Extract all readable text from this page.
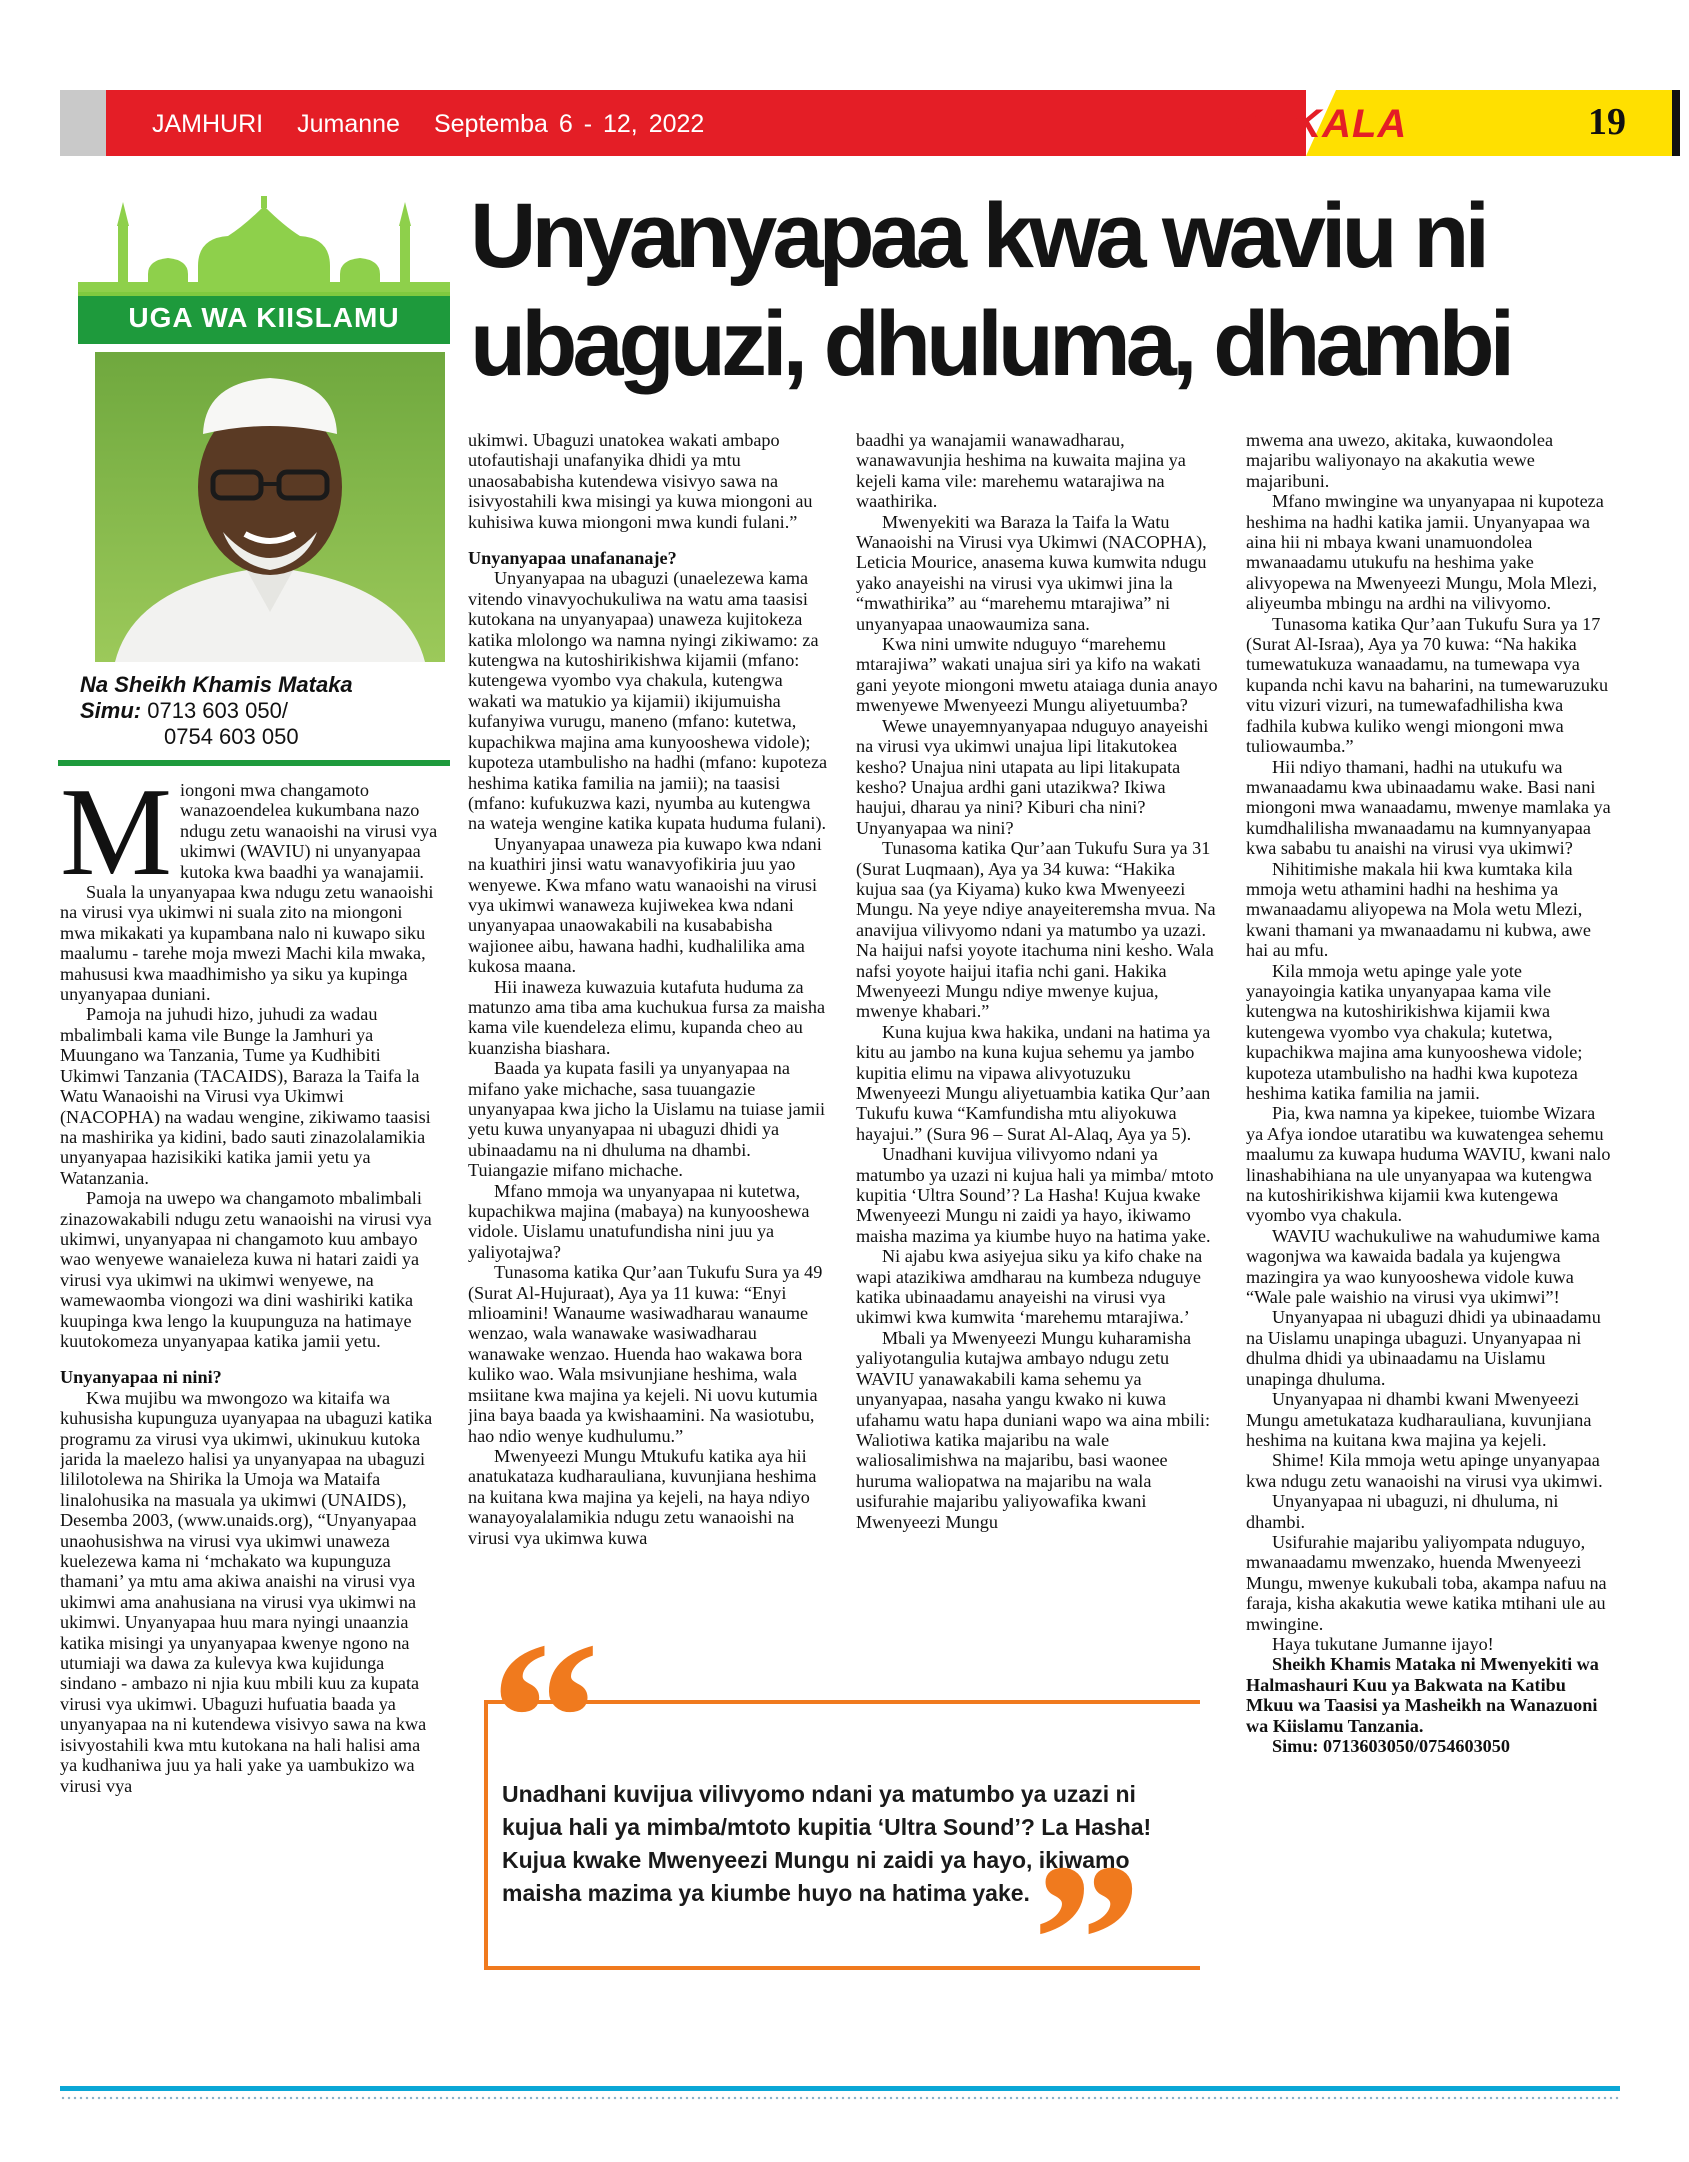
JAMHURI Jumanne Septemba 6 - 12, 2022	MAKALA	19
Unyanyapaa kwa waviu ni
ubaguzi, dhuluma, dhambi
UGA WA KIISLAMU
Na Sheikh Khamis Mataka
Simu: 0713 603 050/
0754 603 050

Miongoni mwa changamoto wanazoendelea kukumbana nazo ndugu zetu wanaoishi na virusi vya ukimwi (WAVIU) ni unyanyapaa kutoka kwa baadhi ya wanajamii.

Suala la unyanyapaa kwa ndugu zetu wanaoishi na virusi vya ukimwi ni suala zito na miongoni mwa mikakati ya kupambana nalo ni kuwapo siku maalumu - tarehe moja mwezi Machi kila mwaka, mahususi kwa maadhimisho ya siku ya kupinga unyanyapaa duniani.

Pamoja na juhudi hizo, juhudi za wadau mbalimbali kama vile Bunge la Jamhuri ya Muungano wa Tanzania, Tume ya Kudhibiti Ukimwi Tanzania (TACAIDS), Baraza la Taifa la Watu Wanaoishi na Virusi vya Ukimwi (NACOPHA) na wadau wengine, zikiwamo taasisi na mashirika ya kidini, bado sauti zinazolalamikia unyanyapaa hazisikiki katika jamii yetu ya Watanzania.

Pamoja na uwepo wa changamoto mbalimbali zinazowakabili ndugu zetu wanaoishi na virusi vya ukimwi, unyanyapaa ni changamoto kuu ambayo wao wenyewe wanaieleza kuwa ni hatari zaidi ya virusi vya ukimwi na ukimwi wenyewe, na wamewaomba viongozi wa dini washiriki katika kuupinga kwa lengo la kuupunguza na hatimaye kuutokomeza unyanyapaa katika jamii yetu.

Unyanyapaa ni nini?

Kwa mujibu wa mwongozo wa kitaifa wa kuhusisha kupunguza uyanyapaa na ubaguzi katika programu za virusi vya ukimwi, ukinukuu kutoka jarida la maelezo halisi ya unyanyapaa na ubaguzi lililotolewa na Shirika la Umoja wa Mataifa linalohusika na masuala ya ukimwi (UNAIDS), Desemba 2003, (www.unaids.org), “Unyanyapaa unaohusishwa na virusi vya ukimwi unaweza kuelezewa kama ni ‘mchakato wa kupunguza thamani’ ya mtu ama akiwa anaishi na virusi vya ukimwi ama anahusiana na virusi vya ukimwi na ukimwi. Unyanyapaa huu mara nyingi unaanzia katika misingi ya unyanyapaa kwenye ngono na utumiaji wa dawa za kulevya kwa kujidunga sindano - ambazo ni njia kuu mbili kuu za kupata virusi vya ukimwi. Ubaguzi hufuatia baada ya unyanyapaa na ni kutendewa visivyo sawa na kwa isivyostahili kwa mtu kutokana na hali halisi ama ya kudhaniwa juu ya hali yake ya uambukizo wa virusi vya

ukimwi. Ubaguzi unatokea wakati ambapo utofautishaji unafanyika dhidi ya mtu unaosababisha kutendewa visivyo sawa na isivyostahili kwa misingi ya kuwa miongoni au kuhisiwa kuwa miongoni mwa kundi fulani.”

Unyanyapaa unafananaje?

Unyanyapaa na ubaguzi (unaelezewa kama vitendo vinavyochukuliwa na watu ama taasisi kutokana na unyanyapaa) unaweza kujitokeza katika mlolongo wa namna nyingi zikiwamo: za kutengwa na kutoshirikishwa kijamii (mfano: kutengewa vyombo vya chakula, kutengwa wakati wa matukio ya kijamii) ikijumuisha kufanyiwa vurugu, maneno (mfano: kutetwa, kupachikwa majina ama kunyooshewa vidole); kupoteza utambulisho na hadhi (mfano: kupoteza heshima katika familia na jamii); na taasisi (mfano: kufukuzwa kazi, nyumba au kutengwa na wateja wengine katika kupata huduma fulani).

Unyanyapaa unaweza pia kuwapo kwa ndani na kuathiri jinsi watu wanavyofikiria juu yao wenyewe. Kwa mfano watu wanaoishi na virusi vya ukimwi wanaweza kujiwekea kwa ndani unyanyapaa unaowakabili na kusababisha wajionee aibu, hawana hadhi, kudhalilika ama kukosa maana.

Hii inaweza kuwazuia kutafuta huduma za matunzo ama tiba ama kuchukua fursa za maisha kama vile kuendeleza elimu, kupanda cheo au kuanzisha biashara.

Baada ya kupata fasili ya unyanyapaa na mifano yake michache, sasa tuuangazie unyanyapaa kwa jicho la Uislamu na tuiase jamii yetu kuwa unyanyapaa ni ubaguzi dhidi ya ubinaadamu na ni dhuluma na dhambi. Tuiangazie mifano michache.

Mfano mmoja wa unyanyapaa ni kutetwa, kupachikwa majina (mabaya) na kunyooshewa vidole. Uislamu unatufundisha nini juu ya yaliyotajwa?

Tunasoma katika Qur’aan Tukufu Sura ya 49 (Surat Al-Hujuraat), Aya ya 11 kuwa: “Enyi mlioamini! Wanaume wasiwadharau wanaume wenzao, wala wanawake wasiwadharau wanawake wenzao. Huenda hao wakawa bora kuliko wao. Wala msivunjiane heshima, wala msiitane kwa majina ya kejeli. Ni uovu kutumia jina baya baada ya kwishaamini. Na wasiotubu, hao ndio wenye kudhulumu.”

Mwenyeezi Mungu Mtukufu katika aya hii anatukataza kudharauliana, kuvunjiana heshima na kuitana kwa majina ya kejeli, na haya ndiyo wanayoyalalamikia ndugu zetu wanaoishi na virusi vya ukimwa kuwa

baadhi ya wanajamii wanawadharau, wanawavunjia heshima na kuwaita majina ya kejeli kama vile: marehemu watarajiwa na waathirika.

Mwenyekiti wa Baraza la Taifa la Watu Wanaoishi na Virusi vya Ukimwi (NACOPHA), Leticia Mourice, anasema kuwa kumwita ndugu yako anayeishi na virusi vya ukimwi jina la “mwathirika” au “marehemu mtarajiwa” ni unyanyapaa unaowaumiza sana.

Kwa nini umwite nduguyo “marehemu mtarajiwa” wakati unajua siri ya kifo na wakati gani yeyote miongoni mwetu ataiaga dunia anayo mwenyewe Mwenyeezi Mungu aliyetuumba?

Wewe unayemnyanyapaa nduguyo anayeishi na virusi vya ukimwi unajua lipi litakutokea kesho? Unajua nini utapata au lipi litakupata kesho? Unajua ardhi gani utazikwa? Ikiwa haujui, dharau ya nini? Kiburi cha nini? Unyanyapaa wa nini?

Tunasoma katika Qur’aan Tukufu Sura ya 31 (Surat Luqmaan), Aya ya 34 kuwa: “Hakika kujua saa (ya Kiyama) kuko kwa Mwenyeezi Mungu. Na yeye ndiye anayeiteremsha mvua. Na anavijua vilivyomo ndani ya matumbo ya uzazi. Na haijui nafsi yoyote itachuma nini kesho. Wala nafsi yoyote haijui itafia nchi gani. Hakika Mwenyeezi Mungu ndiye mwenye kujua, mwenye khabari.”

Kuna kujua kwa hakika, undani na hatima ya kitu au jambo na kuna kujua sehemu ya jambo kupitia elimu na vipawa alivyotuzuku Mwenyeezi Mungu aliyetuambia katika Qur’aan Tukufu kuwa “Kamfundisha mtu aliyokuwa hayajui.” (Sura 96 – Surat Al-Alaq, Aya ya 5).

Unadhani kuvijua vilivyomo ndani ya matumbo ya uzazi ni kujua hali ya mimba/ mtoto kupitia ‘Ultra Sound’? La Hasha! Kujua kwake Mwenyeezi Mungu ni zaidi ya hayo, ikiwamo maisha mazima ya kiumbe huyo na hatima yake.

Ni ajabu kwa asiyejua siku ya kifo chake na wapi atazikiwa amdharau na kumbeza nduguye katika ubinaadamu anayeishi na virusi vya ukimwi kwa kumwita ‘marehemu mtarajiwa.’

Mbali ya Mwenyeezi Mungu kuharamisha yaliyotangulia kutajwa ambayo ndugu zetu WAVIU yanawakabili kama sehemu ya unyanyapaa, nasaha yangu kwako ni kuwa ufahamu watu hapa duniani wapo wa aina mbili: Waliotiwa katika majaribu na wale waliosalimishwa na majaribu, basi waonee huruma waliopatwa na majaribu na wala usifurahie majaribu yaliyowafika kwani Mwenyeezi Mungu

mwema ana uwezo, akitaka, kuwaondolea majaribu waliyonayo na akakutia wewe majaribuni.

Mfano mwingine wa unyanyapaa ni kupoteza heshima na hadhi katika jamii. Unyanyapaa wa aina hii ni mbaya kwani unamuondolea mwanaadamu utukufu na heshima yake alivyopewa na Mwenyeezi Mungu, Mola Mlezi, aliyeumba mbingu na ardhi na vilivyomo.

Tunasoma katika Qur’aan Tukufu Sura ya 17 (Surat Al-Israa), Aya ya 70 kuwa: “Na hakika tumewatukuza wanaadamu, na tumewapa vya kupanda nchi kavu na baharini, na tumewaruzuku vitu vizuri vizuri, na tumewafadhilisha kwa fadhila kubwa kuliko wengi miongoni mwa tuliowaumba.”

Hii ndiyo thamani, hadhi na utukufu wa mwanaadamu kwa ubinaadamu wake. Basi nani miongoni mwa wanaadamu, mwenye mamlaka ya kumdhalilisha mwanaadamu na kumnyanyapaa kwa sababu tu anaishi na virusi vya ukimwi?

Nihitimishe makala hii kwa kumtaka kila mmoja wetu athamini hadhi na heshima ya mwanaadamu aliyopewa na Mola wetu Mlezi, kwani thamani ya mwanaadamu ni kubwa, awe hai au mfu.

Kila mmoja wetu apinge yale yote yanayoingia katika unyanyapaa kama vile kutengwa na kutoshirikishwa kijamii kwa kutengewa vyombo vya chakula; kutetwa, kupachikwa majina ama kunyooshewa vidole; kupoteza utambulisho na hadhi kwa kupoteza heshima katika familia na jamii.

Pia, kwa namna ya kipekee, tuiombe Wizara ya Afya iondoe utaratibu wa kuwatengea sehemu maalumu za kuwapa huduma WAVIU, kwani nalo linashabihiana na ule unyanyapaa wa kutengwa na kutoshirikishwa kijamii kwa kutengewa vyombo vya chakula.

WAVIU wachukuliwe na wahudumiwe kama wagonjwa wa kawaida badala ya kujengwa mazingira ya wao kunyooshewa vidole kuwa “Wale pale waishio na virusi vya ukimwi”!

Unyanyapaa ni ubaguzi dhidi ya ubinaadamu na Uislamu unapinga ubaguzi. Unyanyapaa ni dhulma dhidi ya ubinaadamu na Uislamu unapinga dhuluma.

Unyanyapaa ni dhambi kwani Mwenyeezi Mungu ametukataza kudharauliana, kuvunjiana heshima na kuitana kwa majina ya kejeli.

Shime! Kila mmoja wetu apinge unyanyapaa kwa ndugu zetu wanaoishi na virusi vya ukimwi.

Unyanyapaa ni ubaguzi, ni dhuluma, ni dhambi.

Usifurahie majaribu yaliyompata nduguyo, mwanaadamu mwenzako, huenda Mwenyeezi Mungu, mwenye kukubali toba, akampa nafuu na faraja, kisha akakutia wewe katika mtihani ule au mwingine.

Haya tukutane Jumanne ijayo!

Sheikh Khamis Mataka ni Mwenyekiti wa Halmashauri Kuu ya Bakwata na Katibu Mkuu wa Taasisi ya Masheikh na Wanazuoni wa Kiislamu Tanzania.

Simu: 0713603050/0754603050

“
Unadhani kuvijua vilivyomo ndani ya matumbo ya uzazi ni kujua hali ya mimba/mtoto kupitia ‘Ultra Sound’? La Hasha! Kujua kwake Mwenyeezi Mungu ni zaidi ya hayo, ikiwamo maisha mazima ya kiumbe huyo na hatima yake. ”
